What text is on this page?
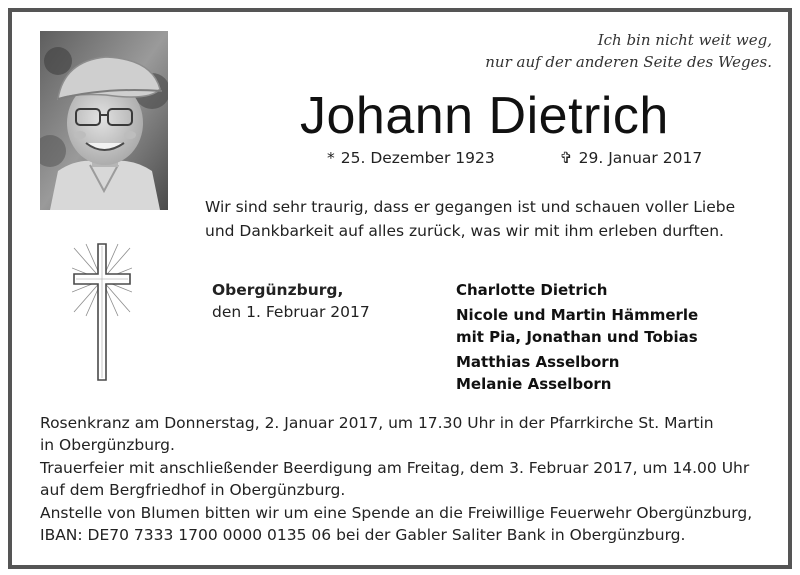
Ich bin nicht weit weg,
nur auf der anderen Seite des Weges.
Johann Dietrich
* 25. Dezember 1923	✞ 29. Januar 2017
Wir sind sehr traurig, dass er gegangen ist und schauen voller Liebe
und Dankbarkeit auf alles zurück, was wir mit ihm erleben durften.
Obergünzburg,
den 1. Februar 2017
Charlotte Dietrich
Nicole und Martin Hämmerle
mit Pia, Jonathan und Tobias
Matthias Asselborn
Melanie Asselborn

Rosenkranz am Donnerstag, 2. Januar 2017, um 17.30 Uhr in der Pfarrkirche St. Martin
in Obergünzburg.

Trauerfeier mit anschließender Beerdigung am Freitag, dem 3. Februar 2017, um 14.00 Uhr
auf dem Bergfriedhof in Obergünzburg.

Anstelle von Blumen bitten wir um eine Spende an die Freiwillige Feuerwehr Obergünzburg,
IBAN: DE70 7333 1700 0000 0135 06 bei der Gabler Saliter Bank in Obergünzburg.
